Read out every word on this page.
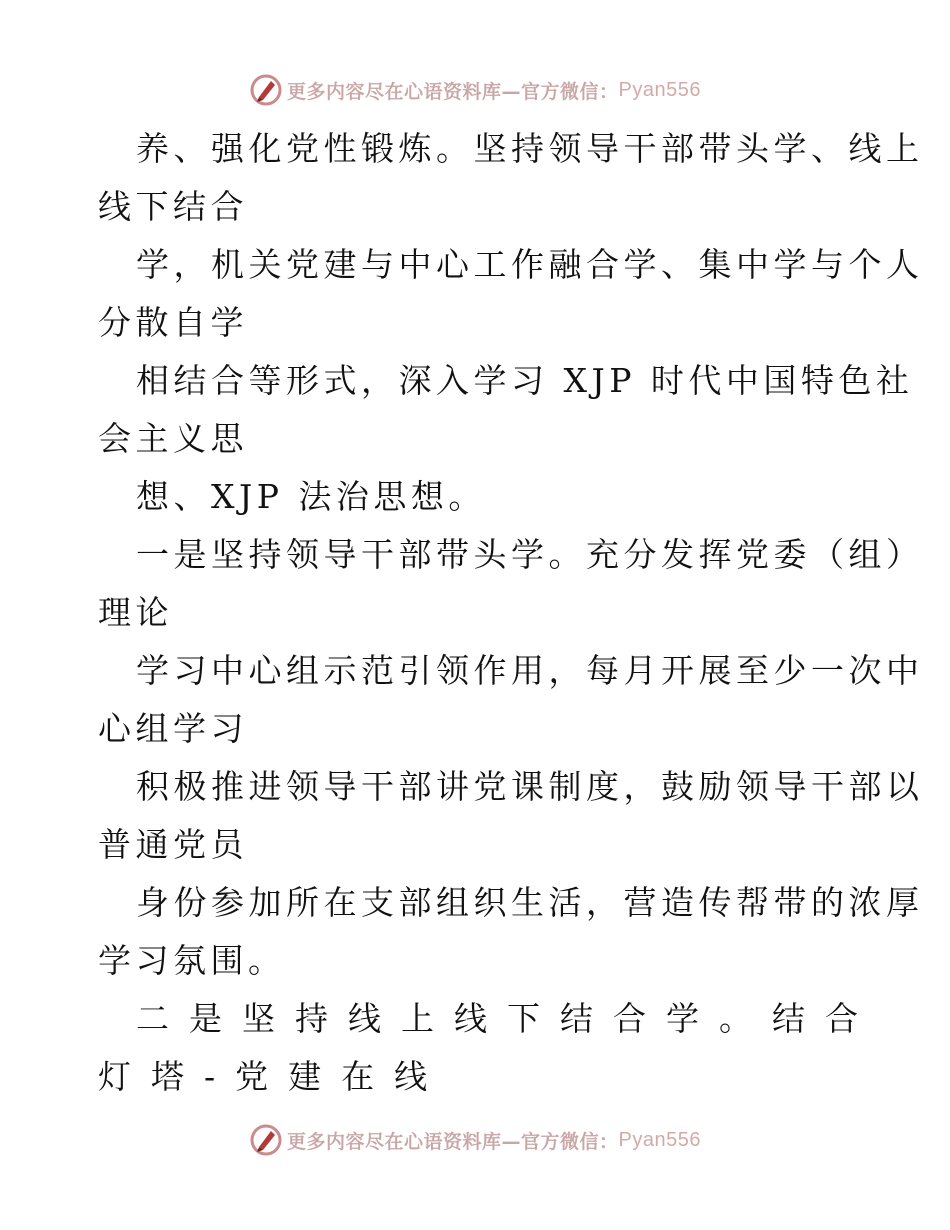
更多内容尽在心语资料库—官方微信： Pyan556
养、强化党性锻炼。坚持领导干部带头学、线上
线下结合
学，机关党建与中心工作融合学、集中学与个人
分散自学
相结合等形式，深入学习 XJP 时代中国特色社
会主义思
想、XJP 法治思想。
一是坚持领导干部带头学。充分发挥党委（组）
理论
学习中心组示范引领作用，每月开展至少一次中
心组学习
积极推进领导干部讲党课制度，鼓励领导干部以
普通党员
身份参加所在支部组织生活，营造传帮带的浓厚
学习氛围。
二是坚持线上线下结合学。结合
灯塔-党建在线
更多内容尽在心语资料库—官方微信： Pyan556
